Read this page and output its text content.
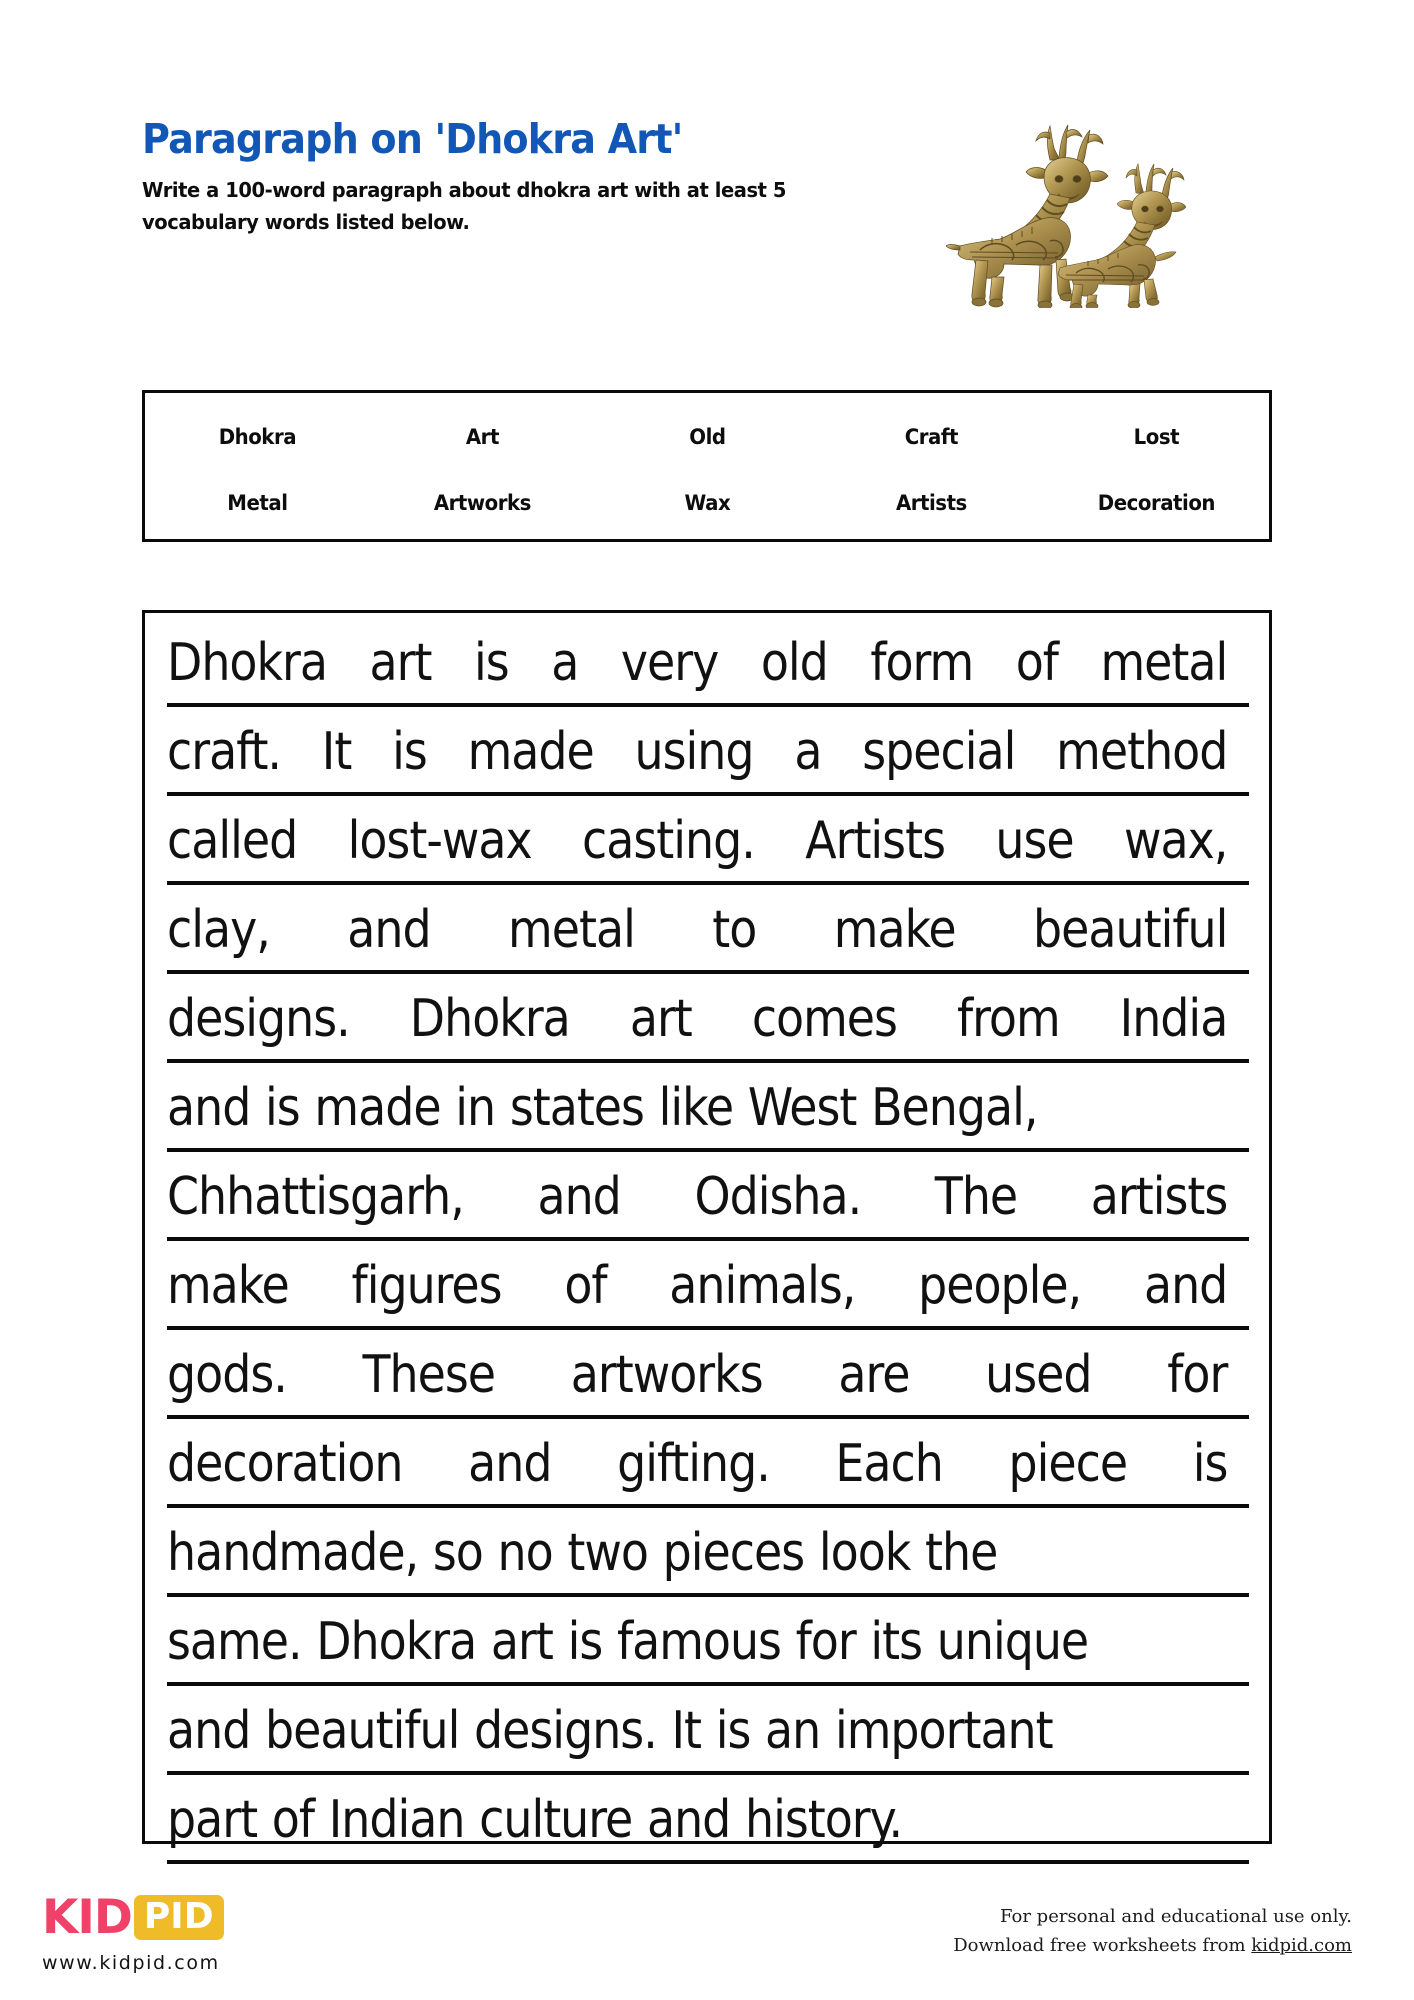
Paragraph on 'Dhokra Art'
Write a 100-word paragraph about dhokra art with at least 5 vocabulary words listed below.
Dhokra	Art	Old	Craft	Lost
Metal	Artworks	Wax	Artists	Decoration
Dhokra art is a very old form of metal
craft. It is made using a special method
called lost-wax casting. Artists use wax,
clay, and metal to make beautiful
designs. Dhokra art comes from India
and is made in states like West Bengal,
Chhattisgarh, and Odisha. The artists
make figures of animals, people, and
gods. These artworks are used for
decoration and gifting. Each piece is
handmade, so no two pieces look the
same. Dhokra art is famous for its unique
and beautiful designs. It is an important
part of Indian culture and history.
KID PID
www.kidpid.com
For personal and educational use only.
Download free worksheets from kidpid.com
